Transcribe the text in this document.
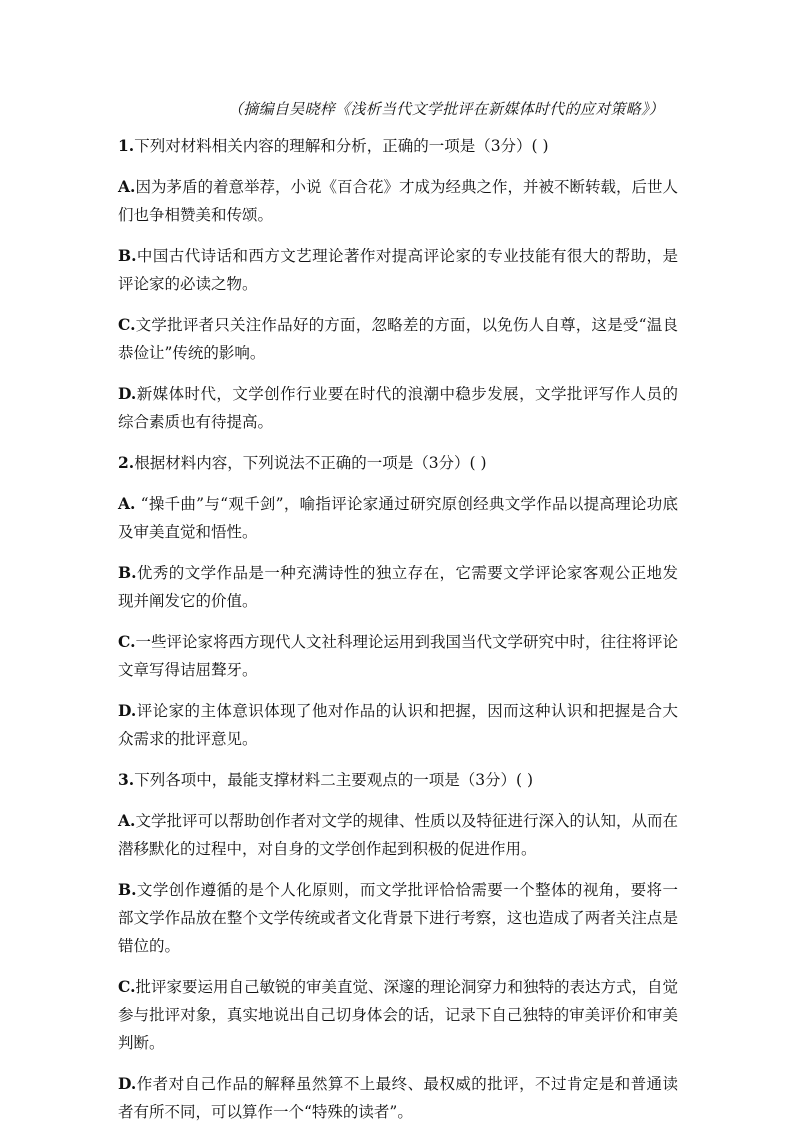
（摘编自吴晓梓《浅析当代文学批评在新媒体时代的应对策略》）
1.下列对材料相关内容的理解和分析，正确的一项是（3分）( )
A.因为茅盾的着意举荐，小说《百合花》才成为经典之作，并被不断转载，后世人们也争相赞美和传颂。
B.中国古代诗话和西方文艺理论著作对提高评论家的专业技能有很大的帮助，是评论家的必读之物。
C.文学批评者只关注作品好的方面，忽略差的方面，以免伤人自尊，这是受“温良恭俭让”传统的影响。
D.新媒体时代，文学创作行业要在时代的浪潮中稳步发展，文学批评写作人员的综合素质也有待提高。
2.根据材料内容，下列说法不正确的一项是（3分）( )
A. “操千曲”与“观千剑”，喻指评论家通过研究原创经典文学作品以提高理论功底及审美直觉和悟性。
B.优秀的文学作品是一种充满诗性的独立存在，它需要文学评论家客观公正地发现并阐发它的价值。
C.一些评论家将西方现代人文社科理论运用到我国当代文学研究中时，往往将评论文章写得诘屈聱牙。
D.评论家的主体意识体现了他对作品的认识和把握，因而这种认识和把握是合大众需求的批评意见。
3.下列各项中，最能支撑材料二主要观点的一项是（3分）( )
A.文学批评可以帮助创作者对文学的规律、性质以及特征进行深入的认知，从而在潜移默化的过程中，对自身的文学创作起到积极的促进作用。
B.文学创作遵循的是个人化原则，而文学批评恰恰需要一个整体的视角，要将一部文学作品放在整个文学传统或者文化背景下进行考察，这也造成了两者关注点是错位的。
C.批评家要运用自己敏锐的审美直觉、深邃的理论洞穿力和独特的表达方式，自觉参与批评对象，真实地说出自己切身体会的话，记录下自己独特的审美评价和审美判断。
D.作者对自己作品的解释虽然算不上最终、最权威的批评，不过肯定是和普通读者有所不同，可以算作一个“特殊的读者”。
